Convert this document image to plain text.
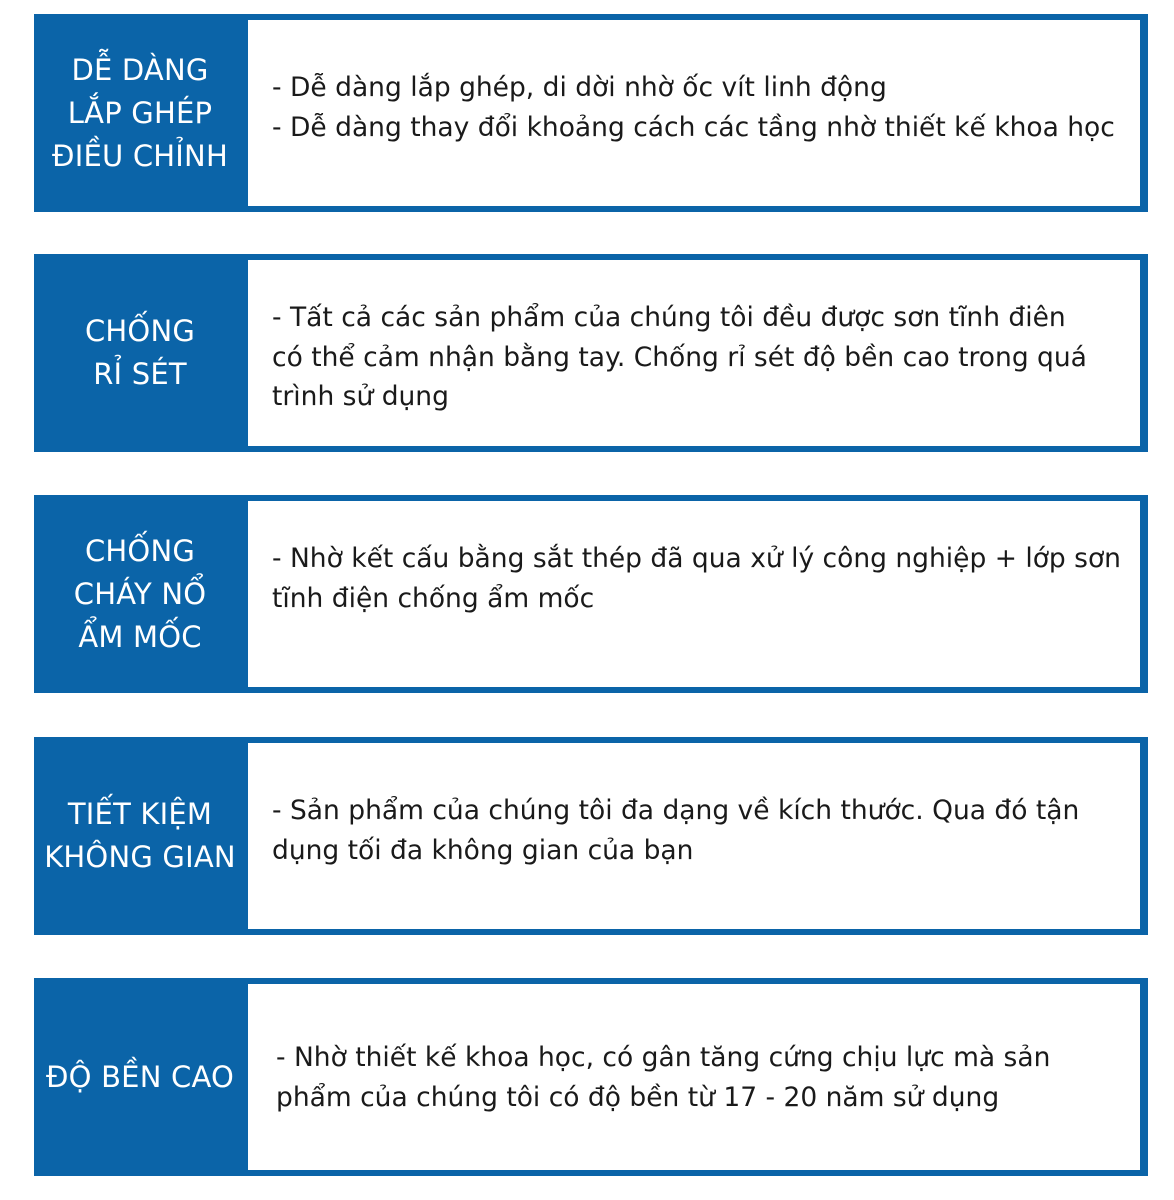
DỄ DÀNG
LẮP GHÉP
ĐIỀU CHỈNH
- Dễ dàng lắp ghép, di dời nhờ ốc vít linh động
- Dễ dàng thay đổi khoảng cách các tầng nhờ thiết kế khoa học
CHỐNG
RỈ SÉT
- Tất cả các sản phẩm của chúng tôi đều được sơn tĩnh điên
có thể cảm nhận bằng tay. Chống rỉ sét độ bền cao trong quá
trình sử dụng
CHỐNG
CHÁY NỔ
ẨM MỐC
- Nhờ kết cấu bằng sắt thép đã qua xử lý công nghiệp + lớp sơn
tĩnh điện chống ẩm mốc
TIẾT KIỆM
KHÔNG GIAN
- Sản phẩm của chúng tôi đa dạng về kích thước. Qua đó tận
dụng tối đa không gian của bạn
ĐỘ BỀN CAO
- Nhờ thiết kế khoa học, có gân tăng cứng chịu lực mà sản
phẩm của chúng tôi có độ bền từ 17 - 20 năm sử dụng
